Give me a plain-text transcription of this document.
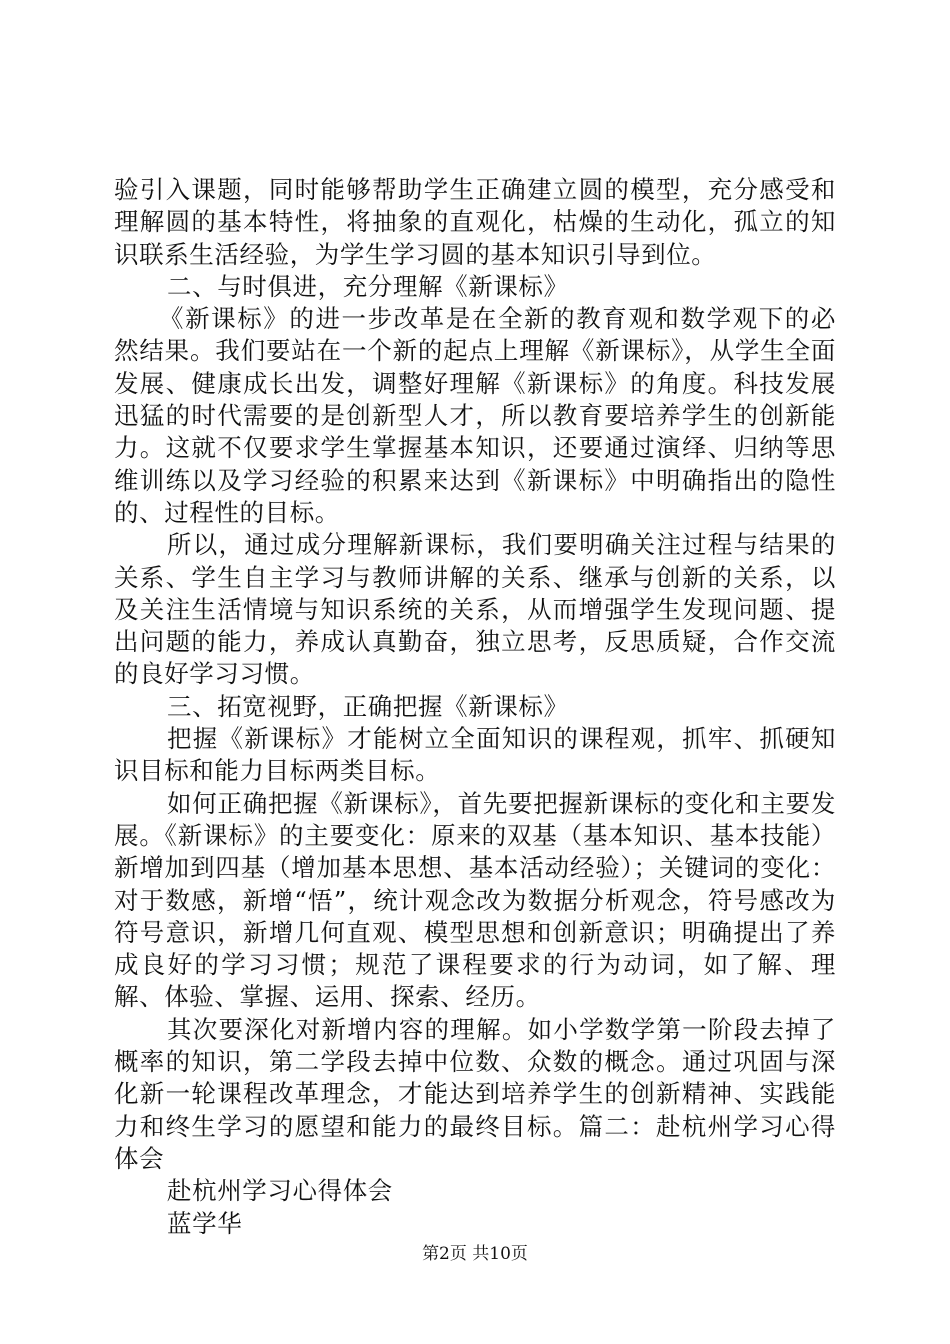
验引入课题，同时能够帮助学生正确建立圆的模型，充分感受和理解圆的基本特性，将抽象的直观化，枯燥的生动化，孤立的知识联系生活经验，为学生学习圆的基本知识引导到位。

二、与时俱进，充分理解《新课标》

《新课标》的进一步改革是在全新的教育观和数学观下的必然结果。我们要站在一个新的起点上理解《新课标》，从学生全面发展、健康成长出发，调整好理解《新课标》的角度。科技发展迅猛的时代需要的是创新型人才，所以教育要培养学生的创新能力。这就不仅要求学生掌握基本知识，还要通过演绎、归纳等思维训练以及学习经验的积累来达到《新课标》中明确指出的隐性的、过程性的目标。

所以，通过成分理解新课标，我们要明确关注过程与结果的关系、学生自主学习与教师讲解的关系、继承与创新的关系，以及关注生活情境与知识系统的关系，从而增强学生发现问题、提出问题的能力，养成认真勤奋，独立思考，反思质疑，合作交流的良好学习习惯。

三、拓宽视野，正确把握《新课标》

把握《新课标》才能树立全面知识的课程观，抓牢、抓硬知识目标和能力目标两类目标。

如何正确把握《新课标》，首先要把握新课标的变化和主要发展。《新课标》的主要变化：原来的双基（基本知识、基本技能）新增加到四基（增加基本思想、基本活动经验）；关键词的变化：对于数感，新增“悟”，统计观念改为数据分析观念，符号感改为符号意识，新增几何直观、模型思想和创新意识；明确提出了养成良好的学习习惯；规范了课程要求的行为动词，如了解、理解、体验、掌握、运用、探索、经历。

其次要深化对新增内容的理解。如小学数学第一阶段去掉了概率的知识，第二学段去掉中位数、众数的概念。通过巩固与深化新一轮课程改革理念，才能达到培养学生的创新精神、实践能力和终生学习的愿望和能力的最终目标。篇二：赴杭州学习心得体会

赴杭州学习心得体会

蓝学华

第2页 共10页
